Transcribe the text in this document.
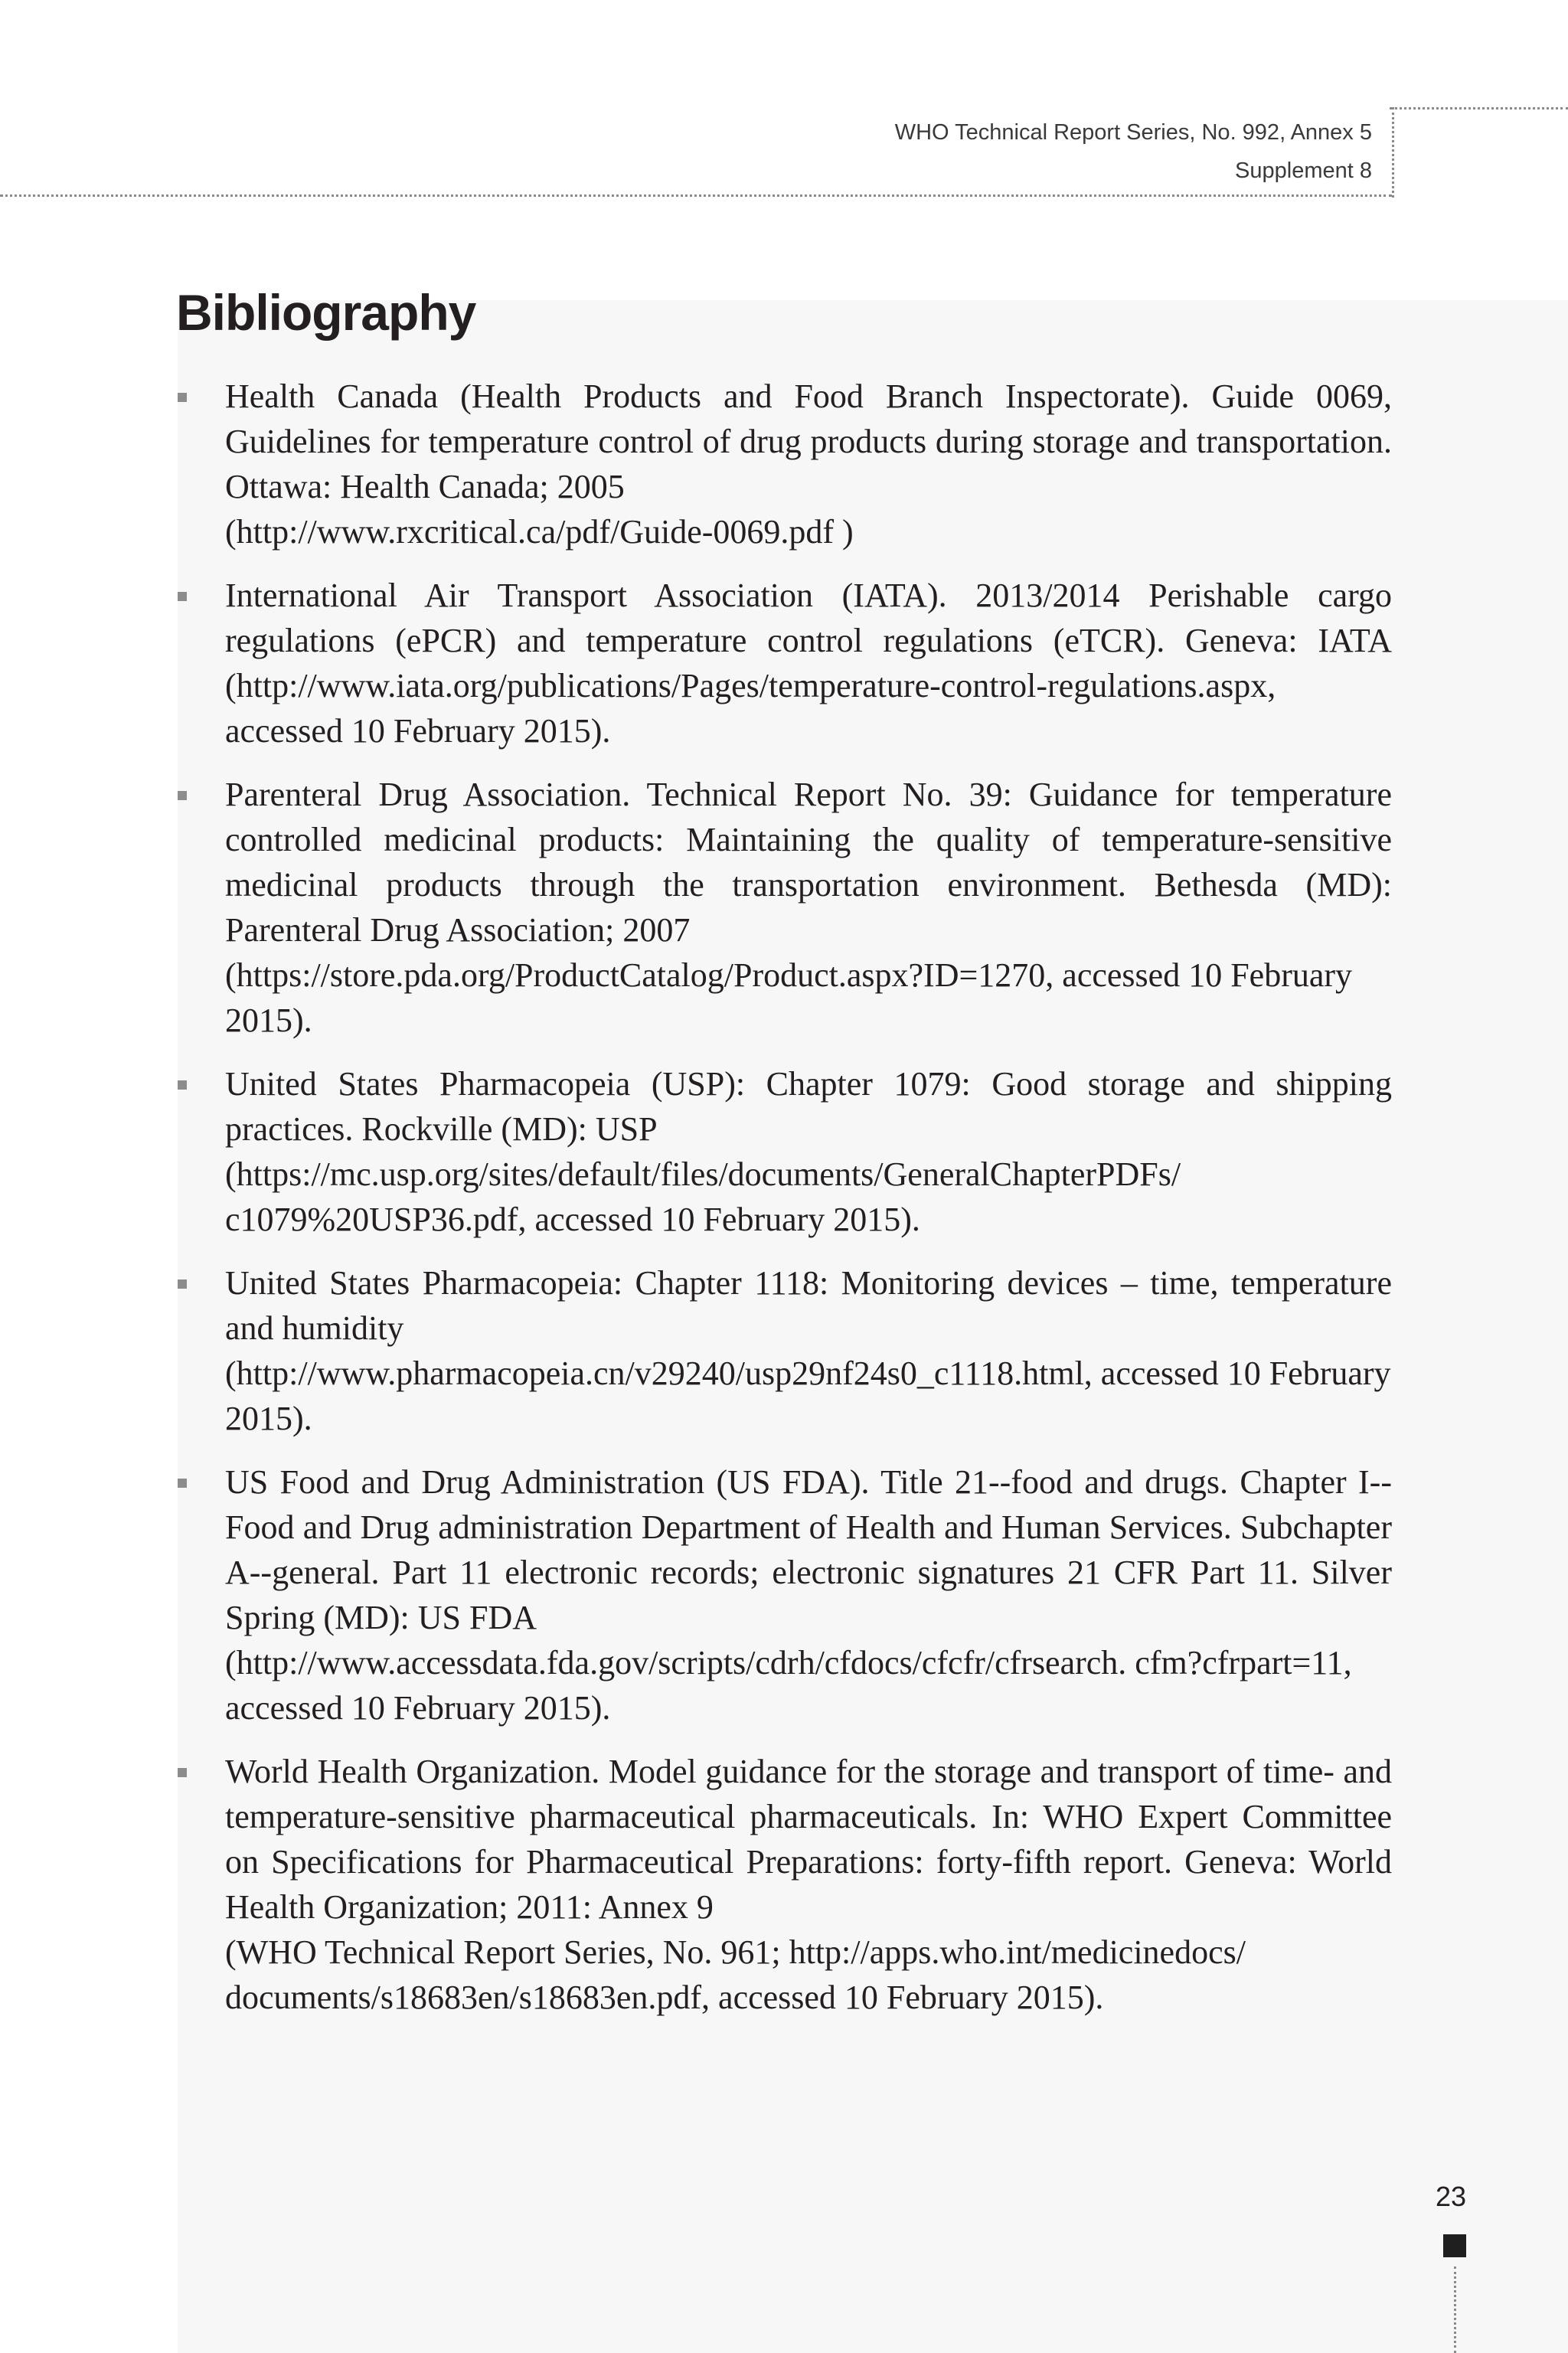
WHO Technical Report Series, No. 992, Annex 5
Supplement 8
Bibliography
Health Canada (Health Products and Food Branch Inspectorate). Guide 0069, Guidelines for temperature control of drug products during storage and transportation. Ottawa: Health Canada; 2005
(http://www.rxcritical.ca/pdf/Guide-0069.pdf )
International Air Transport Association (IATA). 2013/2014 Perishable cargo regulations (ePCR) and temperature control regulations (eTCR). Geneva: IATA (http://www.iata.org/publications/Pages/temperature-control-regulations.aspx, accessed 10 February 2015).
Parenteral Drug Association. Technical Report No. 39: Guidance for temperature controlled medicinal products: Maintaining the quality of temperature-sensitive medicinal products through the transportation environment. Bethesda (MD): Parenteral Drug Association; 2007
(https://store.pda.org/ProductCatalog/Product.aspx?ID=1270, accessed 10 February 2015).
United States Pharmacopeia (USP): Chapter 1079: Good storage and shipping practices. Rockville (MD): USP
(https://mc.usp.org/sites/default/files/documents/GeneralChapterPDFs/ c1079%20USP36.pdf, accessed 10 February 2015).
United States Pharmacopeia: Chapter 1118: Monitoring devices – time, temperature and humidity
(http://www.pharmacopeia.cn/v29240/usp29nf24s0_c1118.html, accessed 10 February 2015).
US Food and Drug Administration (US FDA). Title 21--food and drugs. Chapter I--Food and Drug administration Department of Health and Human Services. Subchapter A--general. Part 11 electronic records; electronic signatures 21 CFR Part 11. Silver Spring (MD): US FDA
(http://www.accessdata.fda.gov/scripts/cdrh/cfdocs/cfcfr/cfrsearch. cfm?cfrpart=11, accessed 10 February 2015).
World Health Organization. Model guidance for the storage and transport of time- and temperature-sensitive pharmaceutical pharmaceuticals. In: WHO Expert Committee on Specifications for Pharmaceutical Preparations: forty-fifth report. Geneva: World Health Organization; 2011: Annex 9
(WHO Technical Report Series, No. 961; http://apps.who.int/medicinedocs/ documents/s18683en/s18683en.pdf, accessed 10 February 2015).
23
